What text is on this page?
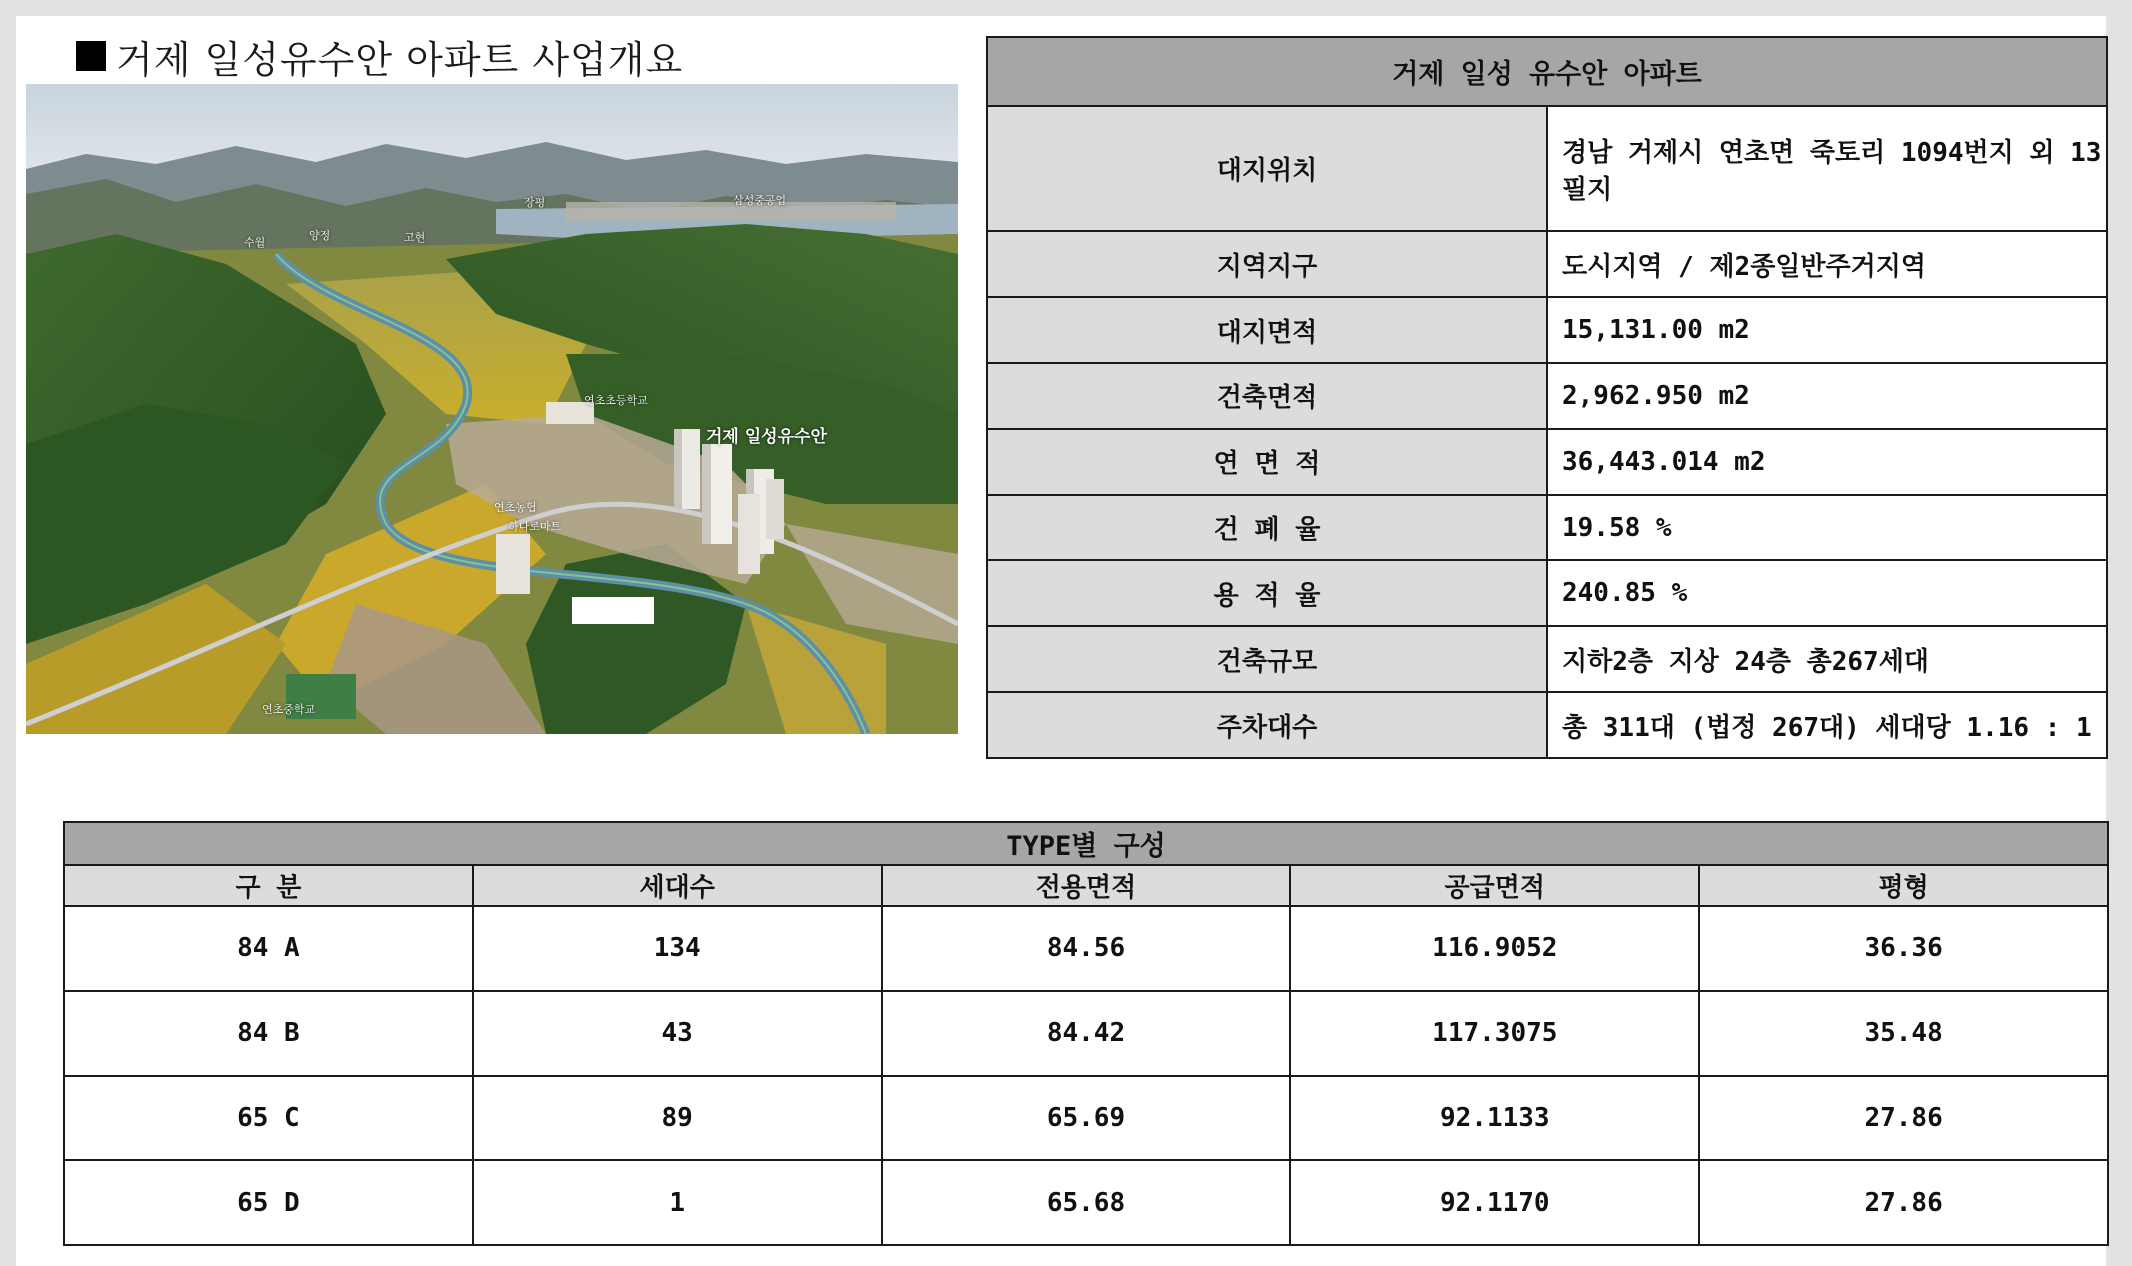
거제 일성유수안 아파트 사업개요
수월
양정	고현
장평	삼성중공업
연초초등학교
거제 일성유수안
연초농협
하나로마트
연초중학교
거제 일성 유수안 아파트	
대지위치	경남 거제시 연초면 죽토리 1094번지 외 13필지
지역지구	도시지역 / 제2종일반주거지역
대지면적	15,131.00 m2
건축면적	2,962.950 m2
연 면 적	36,443.014 m2
건 폐 율	19.58 %
용 적 율	240.85 %
건축규모	지하2층 지상 24층 총267세대
주차대수	총 311대 (법정 267대) 세대당 1.16 : 1
TYPE별 구성				
구 분	세대수	전용면적	공급면적	평형
84 A	134	84.56	116.9052	36.36
84 B	43	84.42	117.3075	35.48
65 C	89	65.69	92.1133	27.86
65 D	1	65.68	92.1170	27.86
